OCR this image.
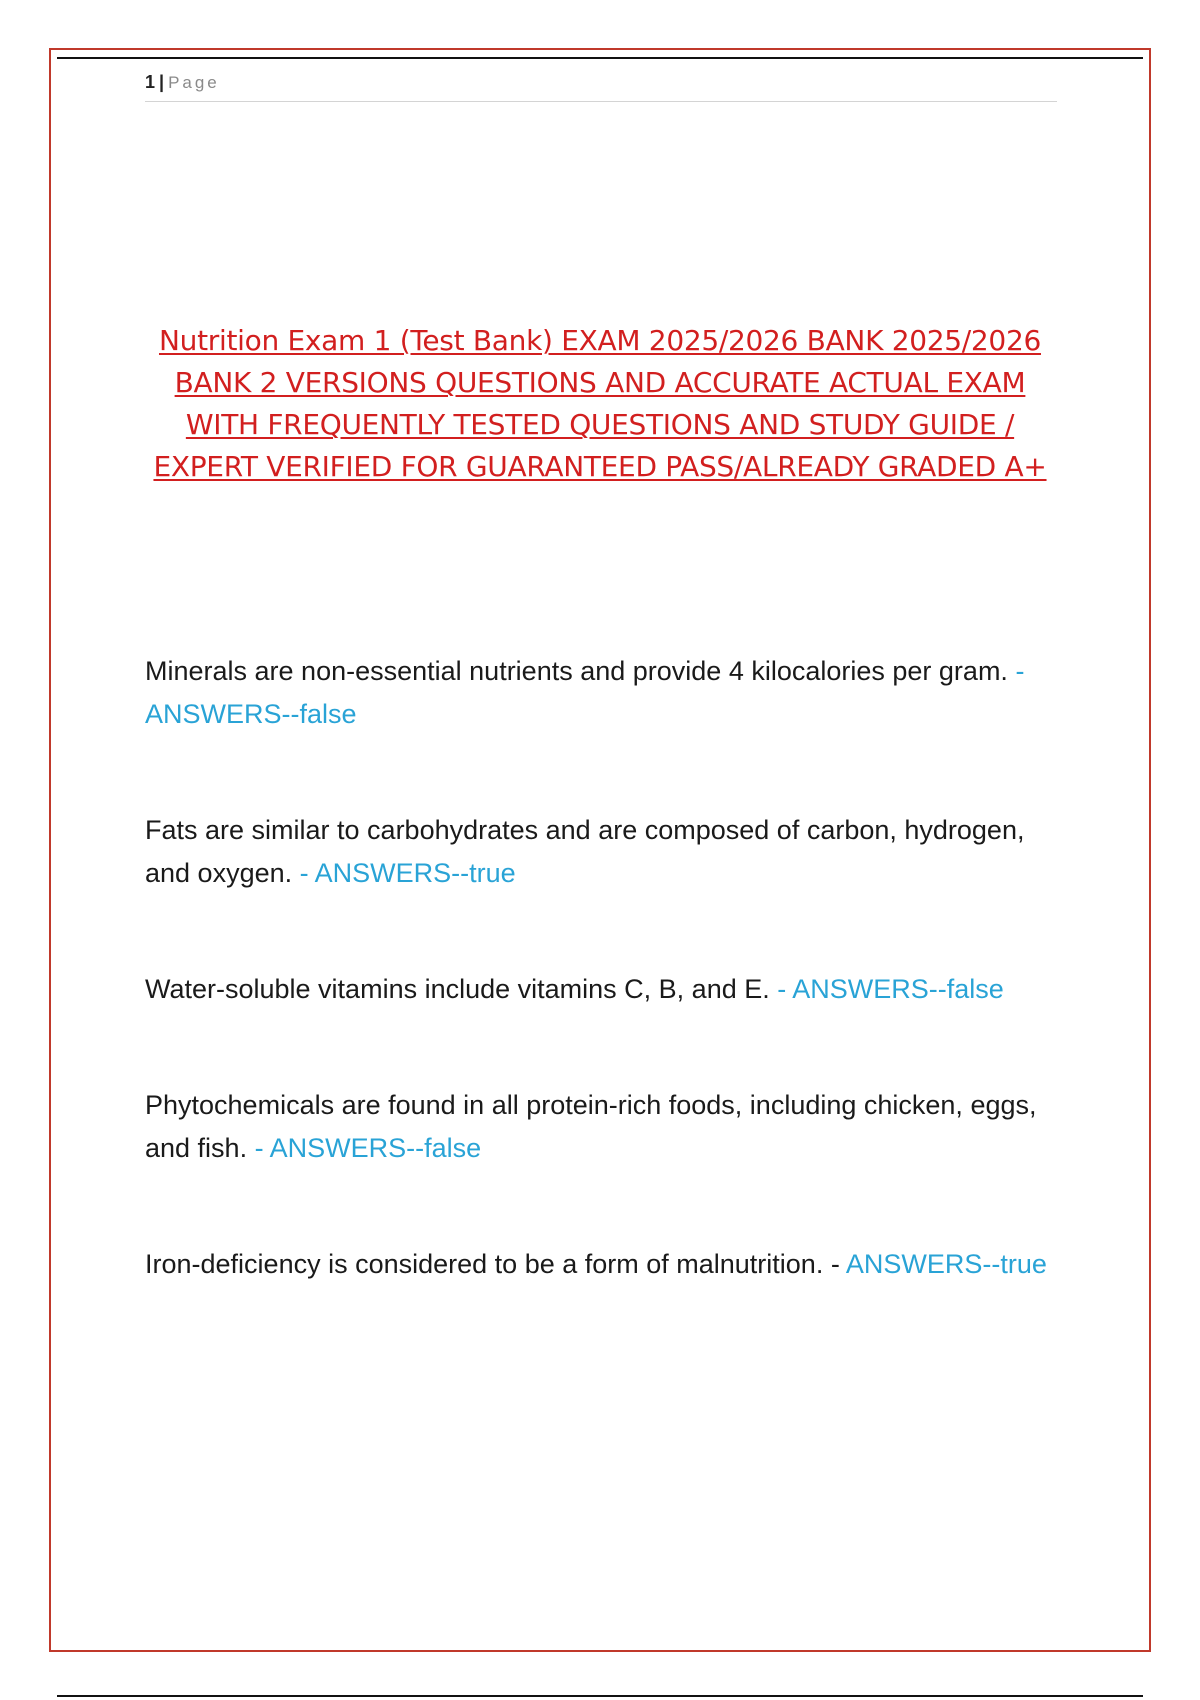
1 | Page
Nutrition Exam 1 (Test Bank) EXAM 2025/2026 BANK 2025/2026 BANK 2 VERSIONS QUESTIONS AND ACCURATE ACTUAL EXAM WITH FREQUENTLY TESTED QUESTIONS AND STUDY GUIDE / EXPERT VERIFIED FOR GUARANTEED PASS/ALREADY GRADED A+

Minerals are non-essential nutrients and provide 4 kilocalories per gram. - ANSWERS--false

Fats are similar to carbohydrates and are composed of carbon, hydrogen, and oxygen. - ANSWERS--true

Water-soluble vitamins include vitamins C, B, and E. - ANSWERS--false

Phytochemicals are found in all protein-rich foods, including chicken, eggs, and fish. - ANSWERS--false

Iron-deficiency is considered to be a form of malnutrition. - ANSWERS--true
